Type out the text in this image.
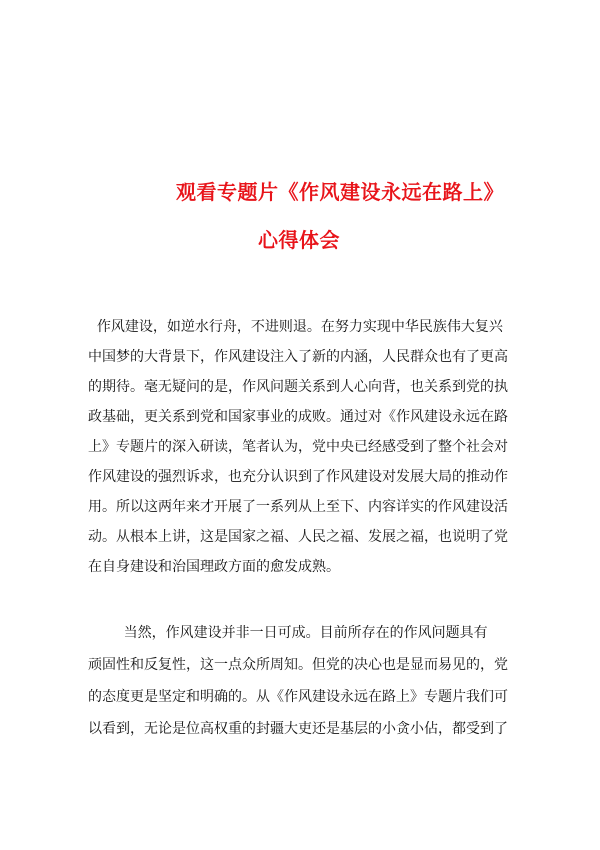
观看专题片《作风建设永远在路上》
心得体会
作风建设，如逆水行舟，不进则退。在努力实现中华民族伟大复兴
中国梦的大背景下，作风建设注入了新的内涵，人民群众也有了更高
的期待。毫无疑问的是，作风问题关系到人心向背，也关系到党的执
政基础，更关系到党和国家事业的成败。通过对《作风建设永远在路
上》专题片的深入研读，笔者认为，党中央已经感受到了整个社会对
作风建设的强烈诉求，也充分认识到了作风建设对发展大局的推动作
用。所以这两年来才开展了一系列从上至下、内容详实的作风建设活
动。从根本上讲，这是国家之福、人民之福、发展之福，也说明了党
在自身建设和治国理政方面的愈发成熟。
当然，作风建设并非一日可成。目前所存在的作风问题具有
顽固性和反复性，这一点众所周知。但党的决心也是显而易见的，党
的态度更是坚定和明确的。从《作风建设永远在路上》专题片我们可
以看到，无论是位高权重的封疆大吏还是基层的小贪小佔，都受到了
